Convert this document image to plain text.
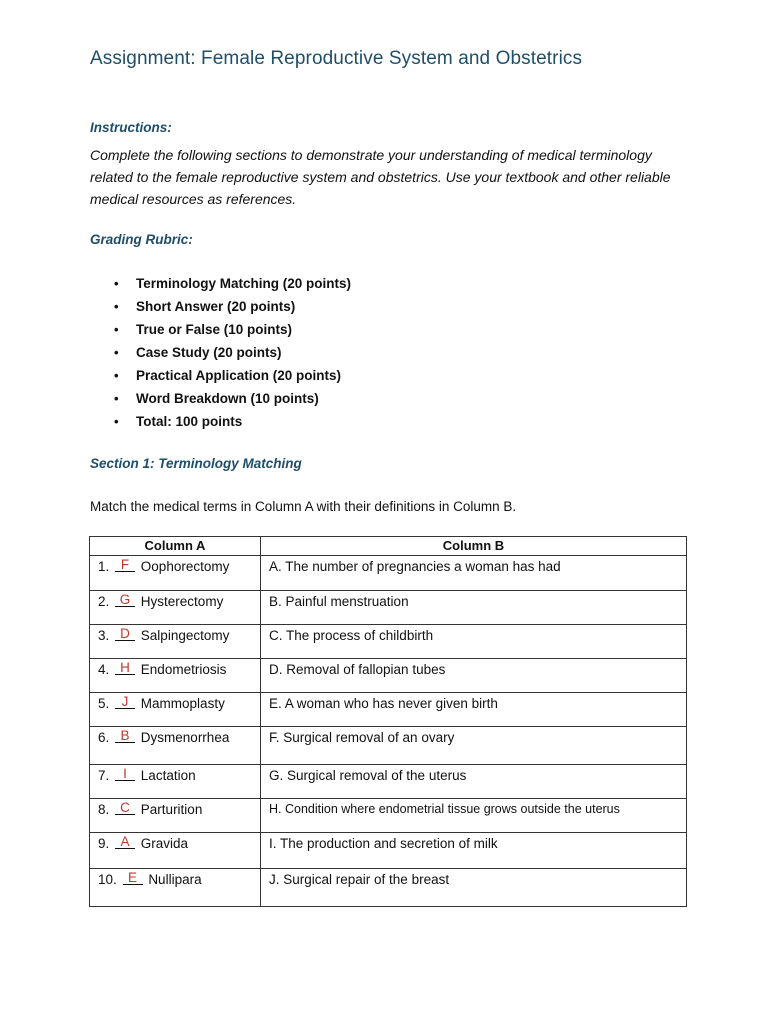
Assignment: Female Reproductive System and Obstetrics
Instructions:
Complete the following sections to demonstrate your understanding of medical terminology related to the female reproductive system and obstetrics. Use your textbook and other reliable medical resources as references.
Grading Rubric:
• Terminology Matching (20 points)
• Short Answer (20 points)
• True or False (10 points)
• Case Study (20 points)
• Practical Application (20 points)
• Word Breakdown (10 points)
• Total: 100 points
Section 1: Terminology Matching
Match the medical terms in Column A with their definitions in Column B.
Column A	Column B
1. F Oophorectomy	A. The number of pregnancies a woman has had
2. G Hysterectomy	B. Painful menstruation
3. D Salpingectomy	C. The process of childbirth
4. H Endometriosis	D. Removal of fallopian tubes
5. J Mammoplasty	E. A woman who has never given birth
6. B Dysmenorrhea	F. Surgical removal of an ovary
7. I Lactation	G. Surgical removal of the uterus
8. C Parturition	H. Condition where endometrial tissue grows outside the uterus
9. A Gravida	I. The production and secretion of milk
10. E Nullipara	J. Surgical repair of the breast
